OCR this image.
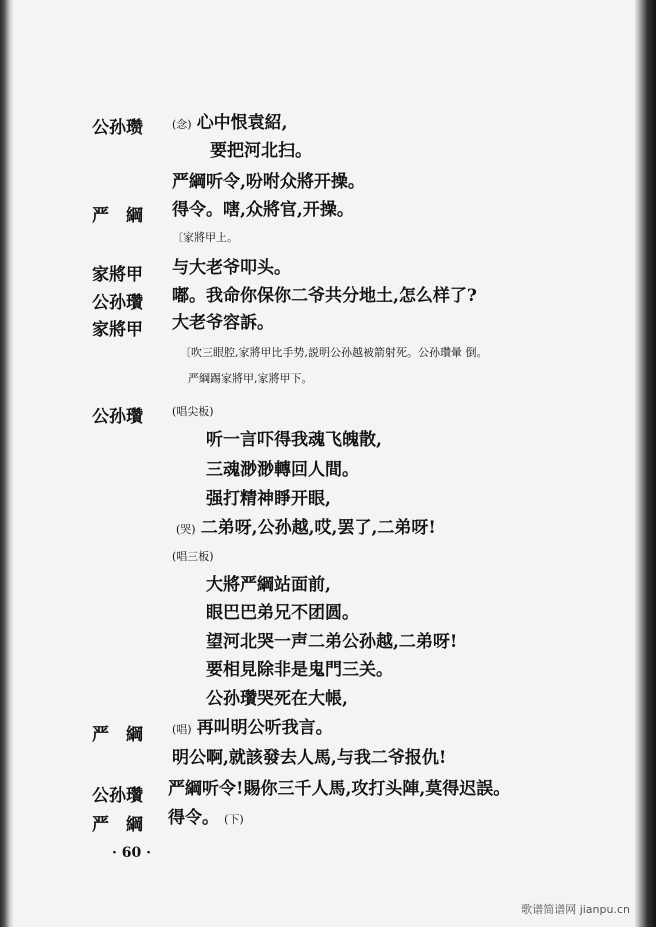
公孙瓒	(念) 心中恨袁紹,
要把河北扫。
严綱听令,吩咐众將开操。
严　綱 得令。嗐,众將官,开操。
〔家將甲上。
家將甲 与大老爷叩头。
公孙瓚 嘟。我命你保你二爷共分地土,怎么样了?
家將甲 大老爷容訴。
〔吹三眼腔,家將甲比手势,説明公孙越被箭射死。公孙瓚暈 倒。
严綱踢家將甲,家將甲下。
公孙瓚	(唱尖板)
听一言吓得我魂飞魄散,
三魂渺渺轉回人間。
强打精神睜开眼,
(哭) 二弟呀,公孙越,哎,罢了,二弟呀!
(唱三板)
大將严綱站面前,
眼巴巴弟兄不团圆。
望河北哭一声二弟公孙越,二弟呀!
要相見除非是鬼門三关。
公孙瓚哭死在大帳,
严　綱	(唱) 再叫明公听我言。
明公啊,就該發去人馬,与我二爷报仇!
公孙瓚 严綱听令!賜你三千人馬,攻打头陣,莫得迟誤。
严　綱 得令。 (下)
· 60 ·
歌谱简谱网 jianpu.cn
